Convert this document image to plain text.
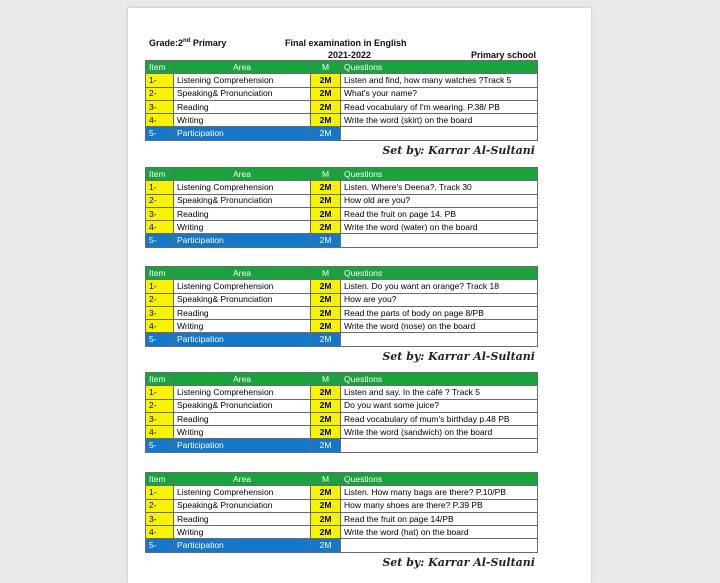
Grade:2nd Primary	Final examination in English
2021-2022	Primary school
Item	Area	M	Questions
1-	Listening Comprehension	2M	Listen and find, how many watches ?Track 5
2-	Speaking& Pronunciation	2M	What's your name?
3-	Reading	2M	Read vocabulary of I'm wearing. P.38/ PB
4-	Writing	2M	Write the word (skirt) on the board
5-	Participation	2M	
Set by: Karrar Al-Sultani
Item	Area	M	Questions
1-	Listening Comprehension	2M	Listen. Where's Deena?. Track 30
2-	Speaking& Pronunciation	2M	How old are you?
3-	Reading	2M	Read the fruit on page 14. PB
4-	Writing	2M	Write the word (water) on the board
5-	Participation	2M	
Item	Area	M	Questions
1-	Listening Comprehension	2M	Listen. Do you want an orange? Track 18
2-	Speaking& Pronunciation	2M	How are you?
3-	Reading	2M	Read the parts of body on page 8/PB
4-	Writing	2M	Write the word (nose) on the board
5-	Participation	2M	
Set by: Karrar Al-Sultani
Item	Area	M	Questions
1-	Listening Comprehension	2M	Listen and say. In the café ? Track 5
2-	Speaking& Pronunciation	2M	Do you want some juice?
3-	Reading	2M	Read vocabulary of mum's birthday p.48 PB
4-	Writing	2M	Write the word (sandwich) on the board
5-	Participation	2M	
Item	Area	M	Questions
1-	Listening Comprehension	2M	Listen. How many bags are there? P.10/PB
2-	Speaking& Pronunciation	2M	How many shoes are there? P.39 PB
3-	Reading	2M	Read the fruit on page 14/PB
4-	Writing	2M	Write the word (hat) on the board
5-	Participation	2M	
Set by: Karrar Al-Sultani
